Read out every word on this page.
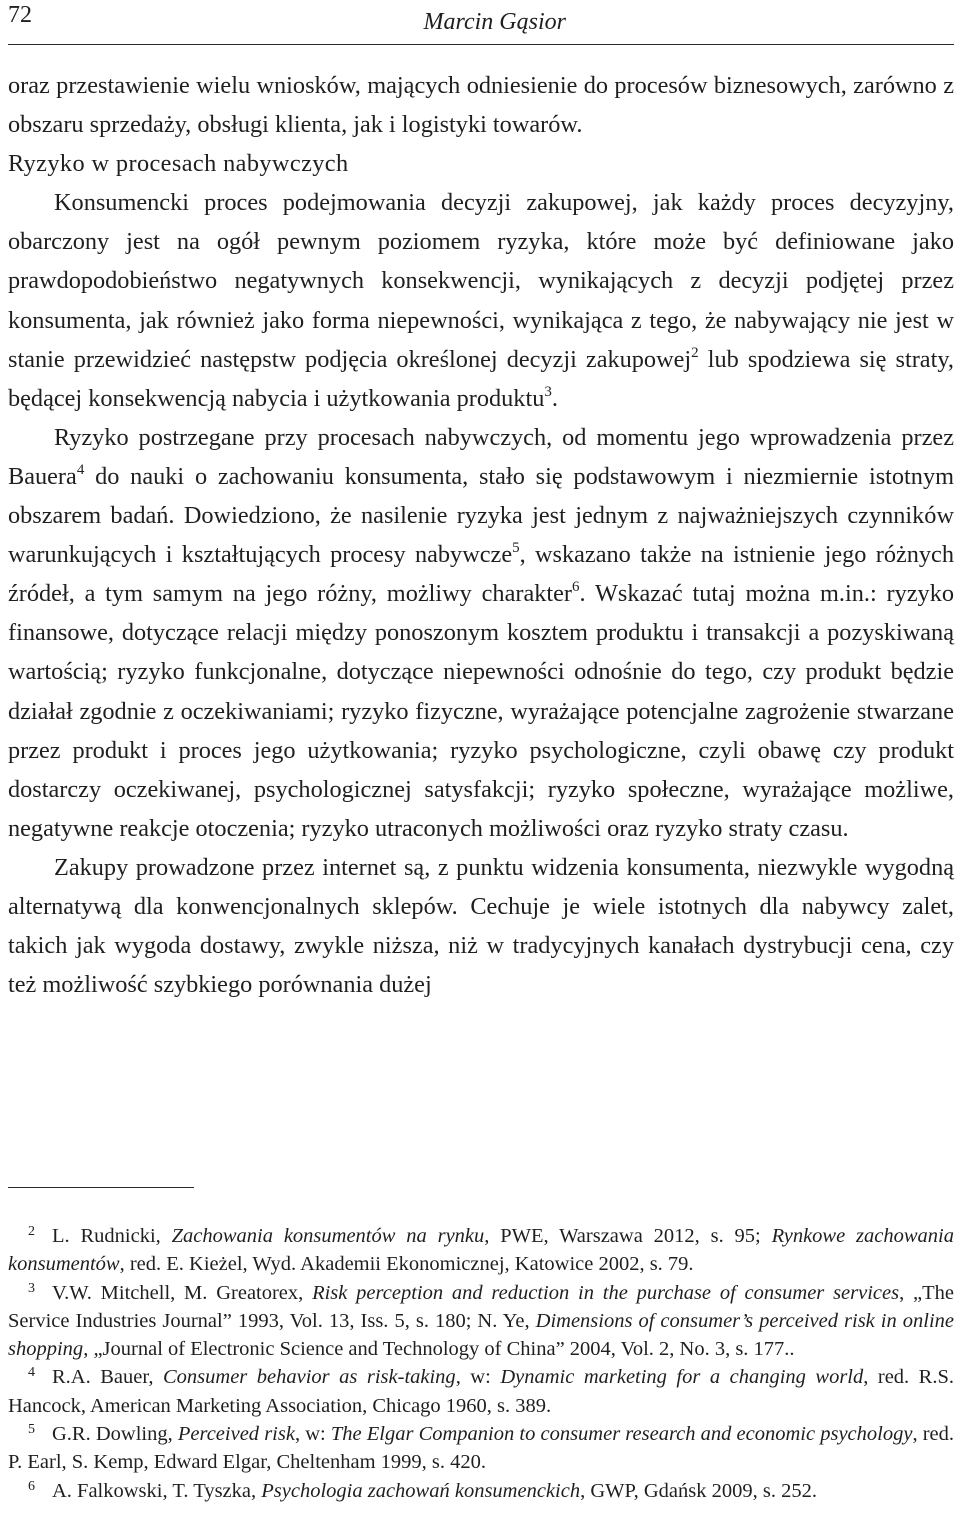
72	Marcin Gąsior

oraz przestawienie wielu wniosków, mających odniesienie do procesów biznesowych, zarówno z obszaru sprzedaży, obsługi klienta, jak i logistyki towarów.

Ryzyko w procesach nabywczych

Konsumencki proces podejmowania decyzji zakupowej, jak każdy proces decyzyjny, obarczony jest na ogół pewnym poziomem ryzyka, które może być definiowane jako prawdopodobieństwo negatywnych konsekwencji, wynikających z decyzji podjętej przez konsumenta, jak również jako forma niepewności, wynikająca z tego, że nabywający nie jest w stanie przewidzieć następstw podjęcia określonej decyzji zakupowej$^2$ lub spodziewa się straty, będącej konsekwencją nabycia i użytkowania produktu$^3$.

Ryzyko postrzegane przy procesach nabywczych, od momentu jego wprowadzenia przez Bauera$^4$ do nauki o zachowaniu konsumenta, stało się podstawowym i niezmiernie istotnym obszarem badań. Dowiedziono, że nasilenie ryzyka jest jednym z najważniejszych czynników warunkujących i kształtujących procesy nabywcze$^5$, wskazano także na istnienie jego różnych źródeł, a tym samym na jego różny, możliwy charakter$^6$. Wskazać tutaj można m.in.: ryzyko finansowe, dotyczące relacji między ponoszonym kosztem produktu i transakcji a pozyskiwaną wartością; ryzyko funkcjonalne, dotyczące niepewności odnośnie do tego, czy produkt będzie działał zgodnie z oczekiwaniami; ryzyko fizyczne, wyrażające potencjalne zagrożenie stwarzane przez produkt i proces jego użytkowania; ryzyko psychologiczne, czyli obawę czy produkt dostarczy oczekiwanej, psychologicznej satysfakcji; ryzyko społeczne, wyrażające możliwe, negatywne reakcje otoczenia; ryzyko utraconych możliwości oraz ryzyko straty czasu.

Zakupy prowadzone przez internet są, z punktu widzenia konsumenta, niezwykle wygodną alternatywą dla konwencjonalnych sklepów. Cechuje je wiele istotnych dla nabywcy zalet, takich jak wygoda dostawy, zwykle niższa, niż w tradycyjnych kanałach dystrybucji cena, czy też możliwość szybkiego porównania dużej

2 L. Rudnicki, Zachowania konsumentów na rynku, PWE, Warszawa 2012, s. 95; Rynkowe zachowania konsumentów, red. E. Kieżel, Wyd. Akademii Ekonomicznej, Katowice 2002, s. 79.

3 V.W. Mitchell, M. Greatorex, Risk perception and reduction in the purchase of consumer services, „The Service Industries Journal” 1993, Vol. 13, Iss. 5, s. 180; N. Ye, Dimensions of consumer’s perceived risk in online shopping, „Journal of Electronic Science and Technology of China” 2004, Vol. 2, No. 3, s. 177..

4 R.A. Bauer, Consumer behavior as risk-taking, w: Dynamic marketing for a changing world, red. R.S. Hancock, American Marketing Association, Chicago 1960, s. 389.

5 G.R. Dowling, Perceived risk, w: The Elgar Companion to consumer research and economic psychology, red. P. Earl, S. Kemp, Edward Elgar, Cheltenham 1999, s. 420.

6 A. Falkowski, T. Tyszka, Psychologia zachowań konsumenckich, GWP, Gdańsk 2009, s. 252.
